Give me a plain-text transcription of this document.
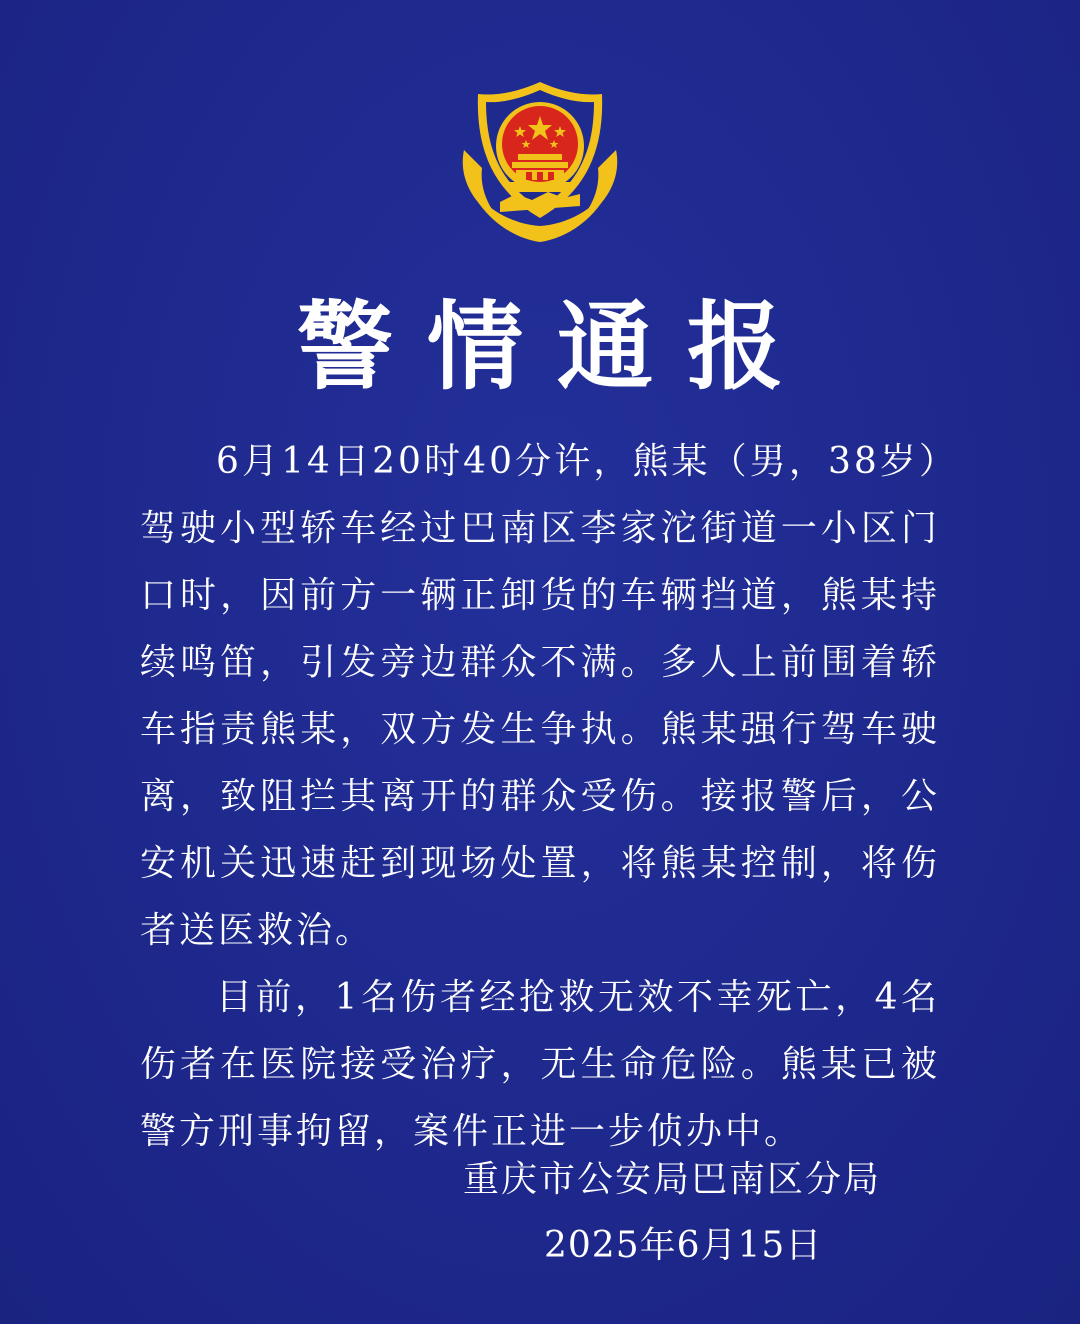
警情通报

6月14日20时40分许，熊某（男，38岁）驾驶小型轿车经过巴南区李家沱街道一小区门口时，因前方一辆正卸货的车辆挡道，熊某持续鸣笛，引发旁边群众不满。多人上前围着轿车指责熊某，双方发生争执。熊某强行驾车驶离，致阻拦其离开的群众受伤。接报警后，公安机关迅速赶到现场处置，将熊某控制，将伤者送医救治。

目前，1名伤者经抢救无效不幸死亡，4名伤者在医院接受治疗，无生命危险。熊某已被警方刑事拘留，案件正进一步侦办中。

重庆市公安局巴南区分局
2025年6月15日
